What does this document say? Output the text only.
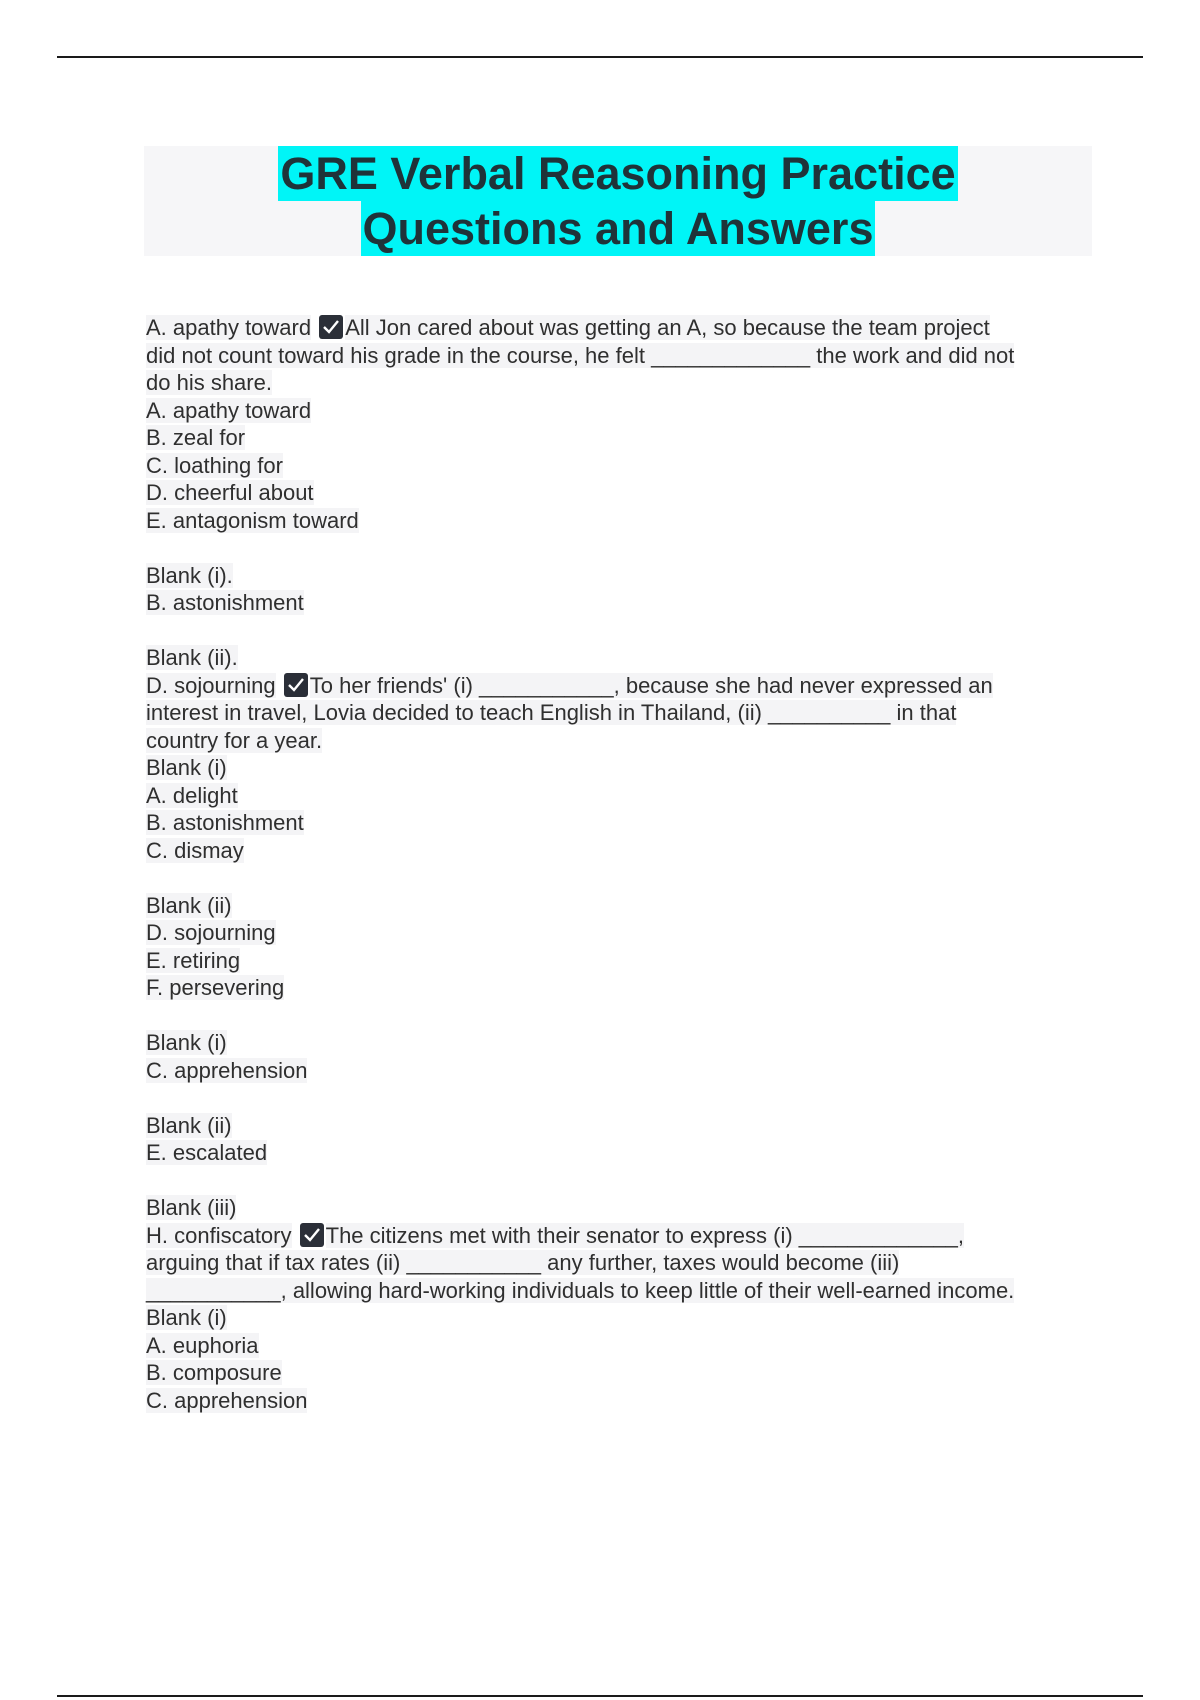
GRE Verbal Reasoning Practice
Questions and Answers
A. apathy toward All Jon cared about was getting an A, so because the team project
did not count toward his grade in the course, he felt _____________ the work and did not
do his share.
A. apathy toward
B. zeal for
C. loathing for
D. cheerful about
E. antagonism toward
Blank (i).
B. astonishment
Blank (ii).
D. sojourning To her friends' (i) ___________, because she had never expressed an
interest in travel, Lovia decided to teach English in Thailand, (ii) __________ in that
country for a year.
Blank (i)
A. delight
B. astonishment
C. dismay
Blank (ii)
D. sojourning
E. retiring
F. persevering
Blank (i)
C. apprehension
Blank (ii)
E. escalated
Blank (iii)
H. confiscatory The citizens met with their senator to express (i) _____________,
arguing that if tax rates (ii) ___________ any further, taxes would become (iii)
___________, allowing hard-working individuals to keep little of their well-earned income.
Blank (i)
A. euphoria
B. composure
C. apprehension
